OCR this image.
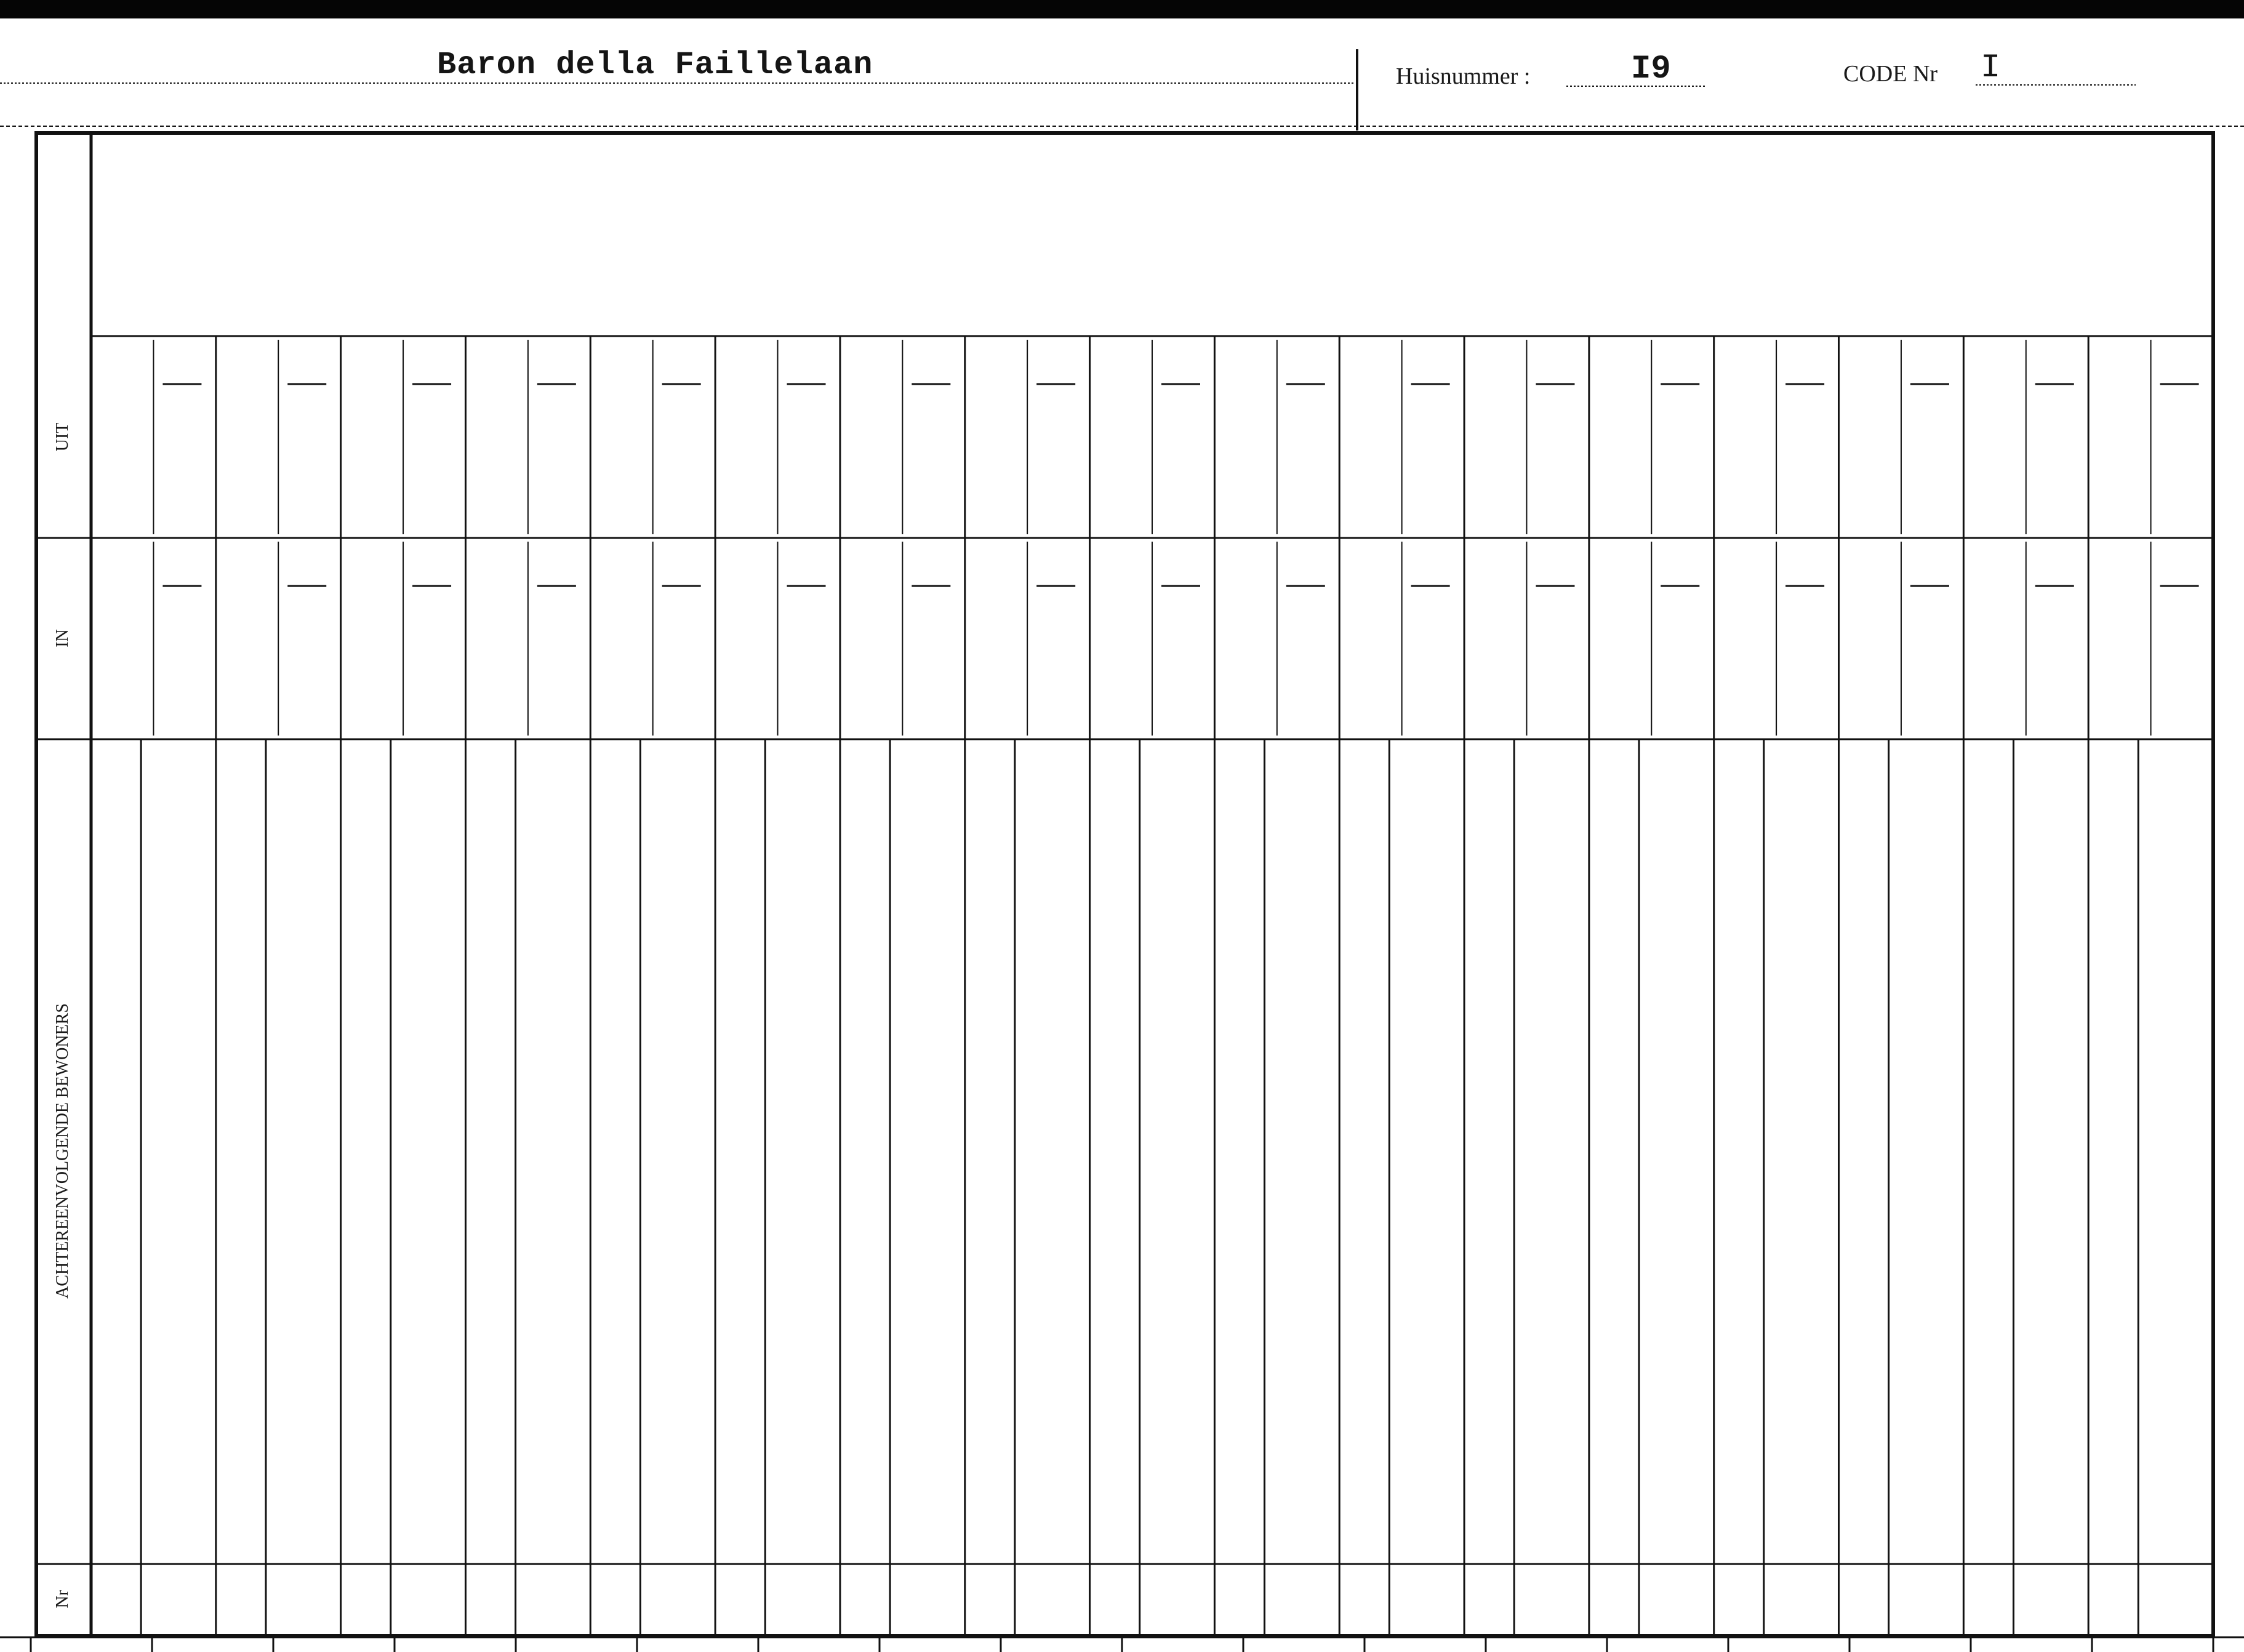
Baron della Faillelaan	Huisnummer :	I9	CODE Nr I
UIT
IN
ACHTEREENVOLGENDE BEWONERS
Nr
